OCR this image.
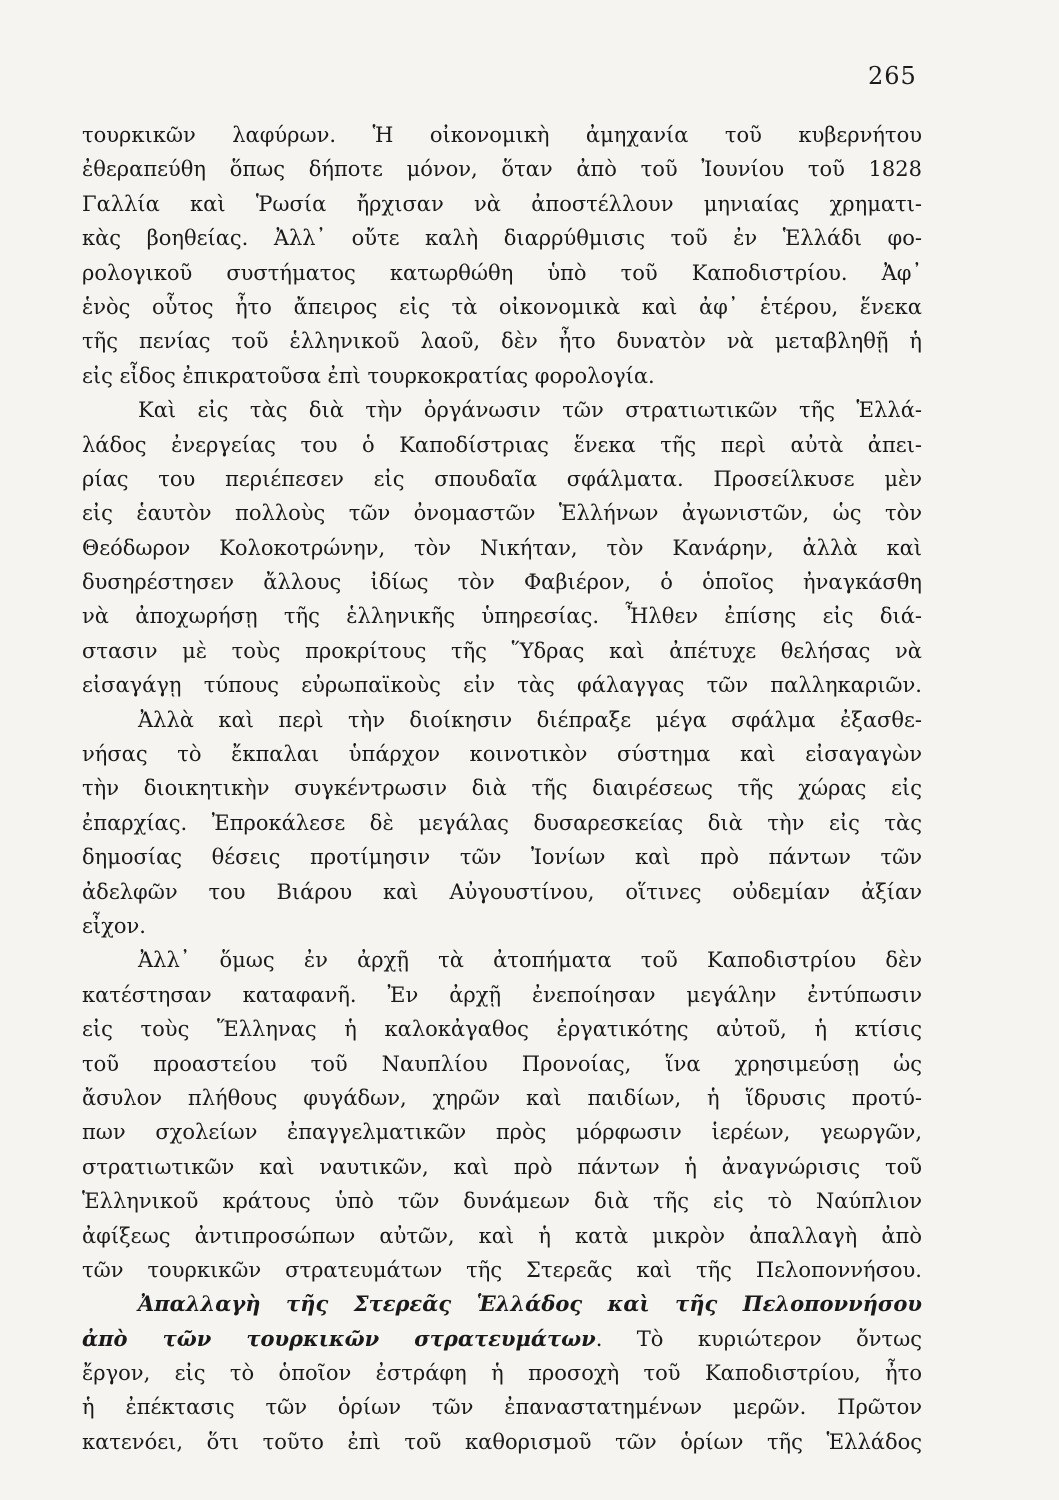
265
τουρκικῶν λαφύρων. Ἡ οἰκονομικὴ ἀμηχανία τοῦ κυβερνήτου
ἐθεραπεύθη ὅπως δήποτε μόνον, ὅταν ἀπὸ τοῦ Ἰουνίου τοῦ 1828
Γαλλία καὶ Ῥωσία ἤρχισαν νὰ ἀποστέλλουν μηνιαίας χρηματι-
κὰς βοηθείας. Ἀλλ᾿ οὔτε καλὴ διαρρύθμισις τοῦ ἐν Ἑλλάδι φο-
ρολογικοῦ συστήματος κατωρθώθη ὑπὸ τοῦ Καποδιστρίου. Ἀφ᾿
ἑνὸς οὗτος ἦτο ἄπειρος εἰς τὰ οἰκονομικὰ καὶ ἀφ᾿ ἑτέρου, ἕνεκα
τῆς πενίας τοῦ ἑλληνικοῦ λαοῦ, δὲν ἦτο δυνατὸν νὰ μεταβληθῇ ἡ
εἰς εἶδος ἐπικρατοῦσα ἐπὶ τουρκοκρατίας φορολογία.
Καὶ εἰς τὰς διὰ τὴν ὀργάνωσιν τῶν στρατιωτικῶν τῆς Ἑλλά-
λάδος ἐνεργείας του ὁ Καποδίστριας ἕνεκα τῆς περὶ αὐτὰ ἀπει-
ρίας του περιέπεσεν εἰς σπουδαῖα σφάλματα. Προσείλκυσε μὲν
εἰς ἑαυτὸν πολλοὺς τῶν ὀνομαστῶν Ἑλλήνων ἀγωνιστῶν, ὡς τὸν
Θεόδωρον Κολοκοτρώνην, τὸν Νικήταν, τὸν Κανάρην, ἀλλὰ καὶ
δυσηρέστησεν ἄλλους ἰδίως τὸν Φαβιέρον, ὁ ὁποῖος ἠναγκάσθη
νὰ ἀποχωρήσῃ τῆς ἑλληνικῆς ὑπηρεσίας. Ἦλθεν ἐπίσης εἰς διά-
στασιν μὲ τοὺς προκρίτους τῆς Ὕδρας καὶ ἀπέτυχε θελήσας νὰ
εἰσαγάγῃ τύπους εὐρωπαϊκοὺς εἰν τὰς φάλαγγας τῶν παλληκαριῶν.
Ἀλλὰ καὶ περὶ τὴν διοίκησιν διέπραξε μέγα σφάλμα ἐξασθε-
νήσας τὸ ἔκπαλαι ὑπάρχον κοινοτικὸν σύστημα καὶ εἰσαγαγὼν
τὴν διοικητικὴν συγκέντρωσιν διὰ τῆς διαιρέσεως τῆς χώρας εἰς
ἐπαρχίας. Ἐπροκάλεσε δὲ μεγάλας δυσαρεσκείας διὰ τὴν εἰς τὰς
δημοσίας θέσεις προτίμησιν τῶν Ἰονίων καὶ πρὸ πάντων τῶν
ἀδελφῶν του Βιάρου καὶ Αὐγουστίνου, οἵτινες οὐδεμίαν ἀξίαν
εἶχον.
Ἀλλ᾿ ὅμως ἐν ἀρχῇ τὰ ἀτοπήματα τοῦ Καποδιστρίου δὲν
κατέστησαν καταφανῆ. Ἐν ἀρχῇ ἐνεποίησαν μεγάλην ἐντύπωσιν
εἰς τοὺς Ἕλληνας ἡ καλοκἀγαθος ἐργατικότης αὐτοῦ, ἡ κτίσις
τοῦ προαστείου τοῦ Ναυπλίου Προνοίας, ἵνα χρησιμεύσῃ ὡς
ἄσυλον πλήθους φυγάδων, χηρῶν καὶ παιδίων, ἡ ἵδρυσις προτύ-
πων σχολείων ἐπαγγελματικῶν πρὸς μόρφωσιν ἱερέων, γεωργῶν,
στρατιωτικῶν καὶ ναυτικῶν, καὶ πρὸ πάντων ἡ ἀναγνώρισις τοῦ
Ἑλληνικοῦ κράτους ὑπὸ τῶν δυνάμεων διὰ τῆς εἰς τὸ Ναύπλιον
ἀφίξεως ἀντιπροσώπων αὐτῶν, καὶ ἡ κατὰ μικρὸν ἀπαλλαγὴ ἀπὸ
τῶν τουρκικῶν στρατευμάτων τῆς Στερεᾶς καὶ τῆς Πελοποννήσου.
Ἀπαλλαγὴ τῆς Στερεᾶς Ἑλλάδος καὶ τῆς Πελοποννήσου
ἀπὸ τῶν τουρκικῶν στρατευμάτων. Τὸ κυριώτερον ὄντως
ἔργον, εἰς τὸ ὁποῖον ἐστράφη ἡ προσοχὴ τοῦ Καποδιστρίου, ἦτο
ἡ ἐπέκτασις τῶν ὁρίων τῶν ἐπαναστατημένων μερῶν. Πρῶτον
κατενόει, ὅτι τοῦτο ἐπὶ τοῦ καθορισμοῦ τῶν ὁρίων τῆς Ἑλλάδος
